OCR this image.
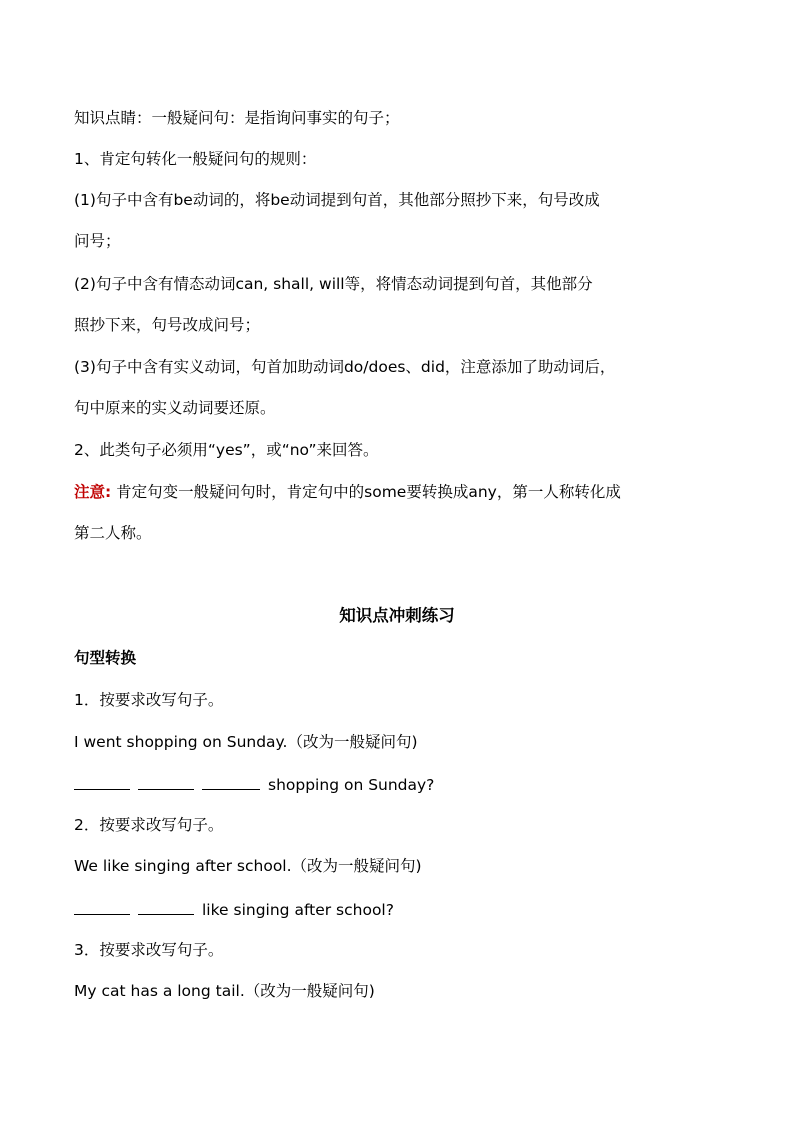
知识点睛：一般疑问句：是指询问事实的句子；
1、肯定句转化一般疑问句的规则：
(1)句子中含有be动词的，将be动词提到句首，其他部分照抄下来，句号改成
问号；
(2)句子中含有情态动词can, shall, will等，将情态动词提到句首，其他部分
照抄下来，句号改成问号；
(3)句子中含有实义动词，句首加助动词do/does、did，注意添加了助动词后，
句中原来的实义动词要还原。
2、此类句子必须用“yes”，或“no”来回答。
注意: 肯定句变一般疑问句时，肯定句中的some要转换成any，第一人称转化成
第二人称。
知识点冲刺练习
句型转换
1．按要求改写句子。
I went shopping on Sunday.（改为一般疑问句)
shopping on Sunday?
2．按要求改写句子。
We like singing after school.（改为一般疑问句)
like singing after school?
3．按要求改写句子。
My cat has a long tail.（改为一般疑问句)
